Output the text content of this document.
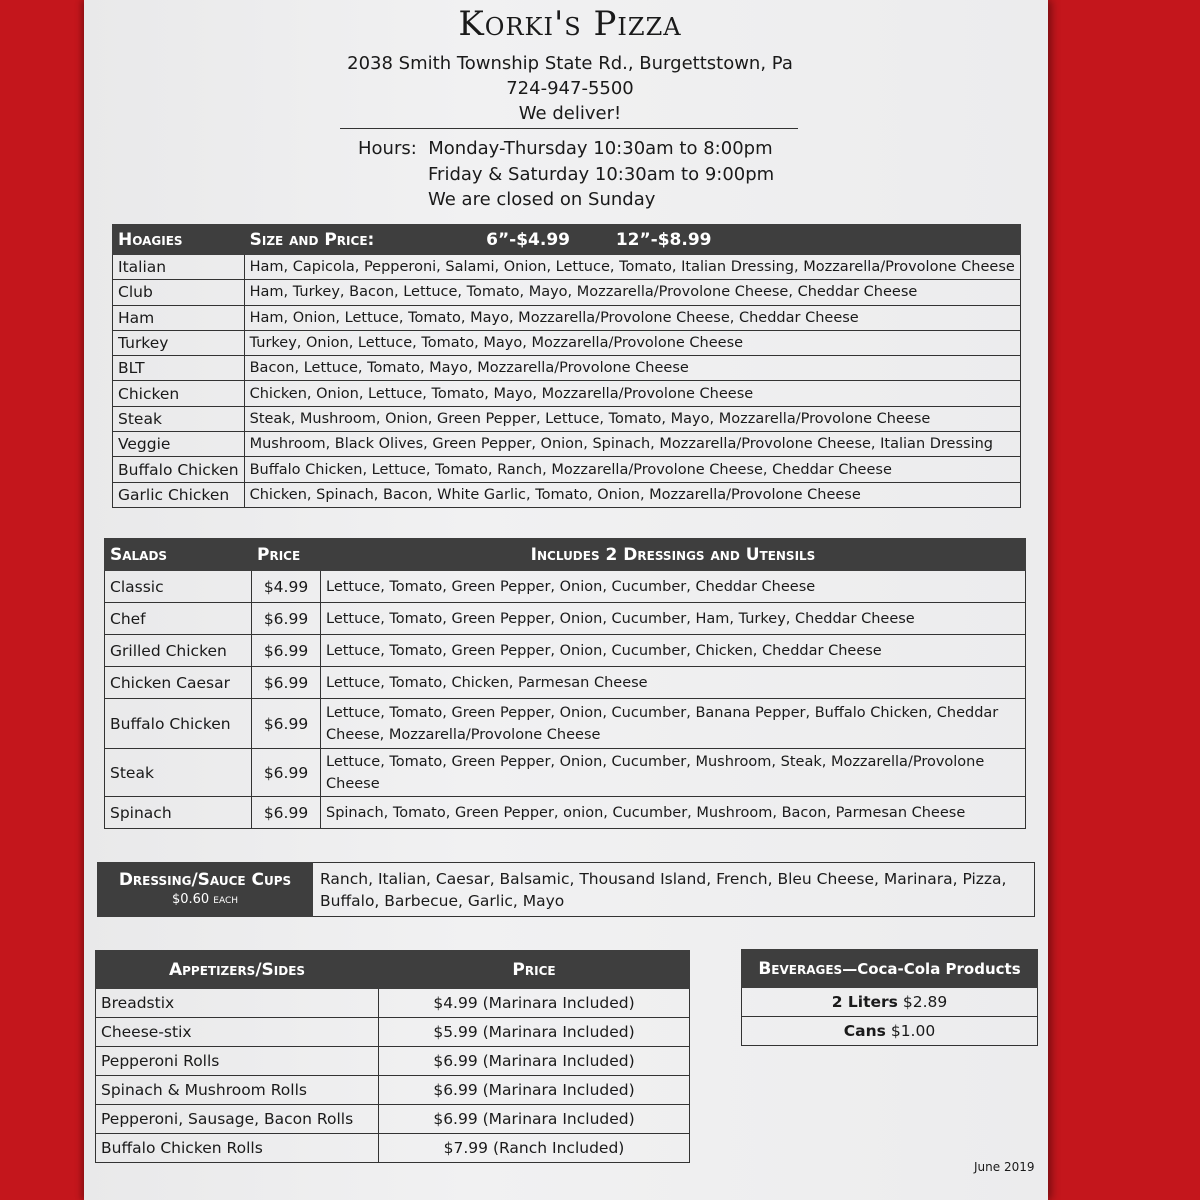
Korki's Pizza
2038 Smith Township State Rd., Burgettstown, Pa
724-947-5500
We deliver!
Hours: Monday-Thursday 10:30am to 8:00pm
Friday & Saturday 10:30am to 9:00pm
We are closed on Sunday
Hoagies	Size and Price: 6”-$4.99 12”-$8.99
Italian	Ham, Capicola, Pepperoni, Salami, Onion, Lettuce, Tomato, Italian Dressing, Mozzarella/Provolone Cheese
Club	Ham, Turkey, Bacon, Lettuce, Tomato, Mayo, Mozzarella/Provolone Cheese, Cheddar Cheese
Ham	Ham, Onion, Lettuce, Tomato, Mayo, Mozzarella/Provolone Cheese, Cheddar Cheese
Turkey	Turkey, Onion, Lettuce, Tomato, Mayo, Mozzarella/Provolone Cheese
BLT	Bacon, Lettuce, Tomato, Mayo, Mozzarella/Provolone Cheese
Chicken	Chicken, Onion, Lettuce, Tomato, Mayo, Mozzarella/Provolone Cheese
Steak	Steak, Mushroom, Onion, Green Pepper, Lettuce, Tomato, Mayo, Mozzarella/Provolone Cheese
Veggie	Mushroom, Black Olives, Green Pepper, Onion, Spinach, Mozzarella/Provolone Cheese, Italian Dressing
Buffalo Chicken	Buffalo Chicken, Lettuce, Tomato, Ranch, Mozzarella/Provolone Cheese, Cheddar Cheese
Garlic Chicken	Chicken, Spinach, Bacon, White Garlic, Tomato, Onion, Mozzarella/Provolone Cheese
Salads	Price	Includes 2 Dressings and Utensils
Classic	$4.99	Lettuce, Tomato, Green Pepper, Onion, Cucumber, Cheddar Cheese
Chef	$6.99	Lettuce, Tomato, Green Pepper, Onion, Cucumber, Ham, Turkey, Cheddar Cheese
Grilled Chicken	$6.99	Lettuce, Tomato, Green Pepper, Onion, Cucumber, Chicken, Cheddar Cheese
Chicken Caesar	$6.99	Lettuce, Tomato, Chicken, Parmesan Cheese
Buffalo Chicken	$6.99	Lettuce, Tomato, Green Pepper, Onion, Cucumber, Banana Pepper, Buffalo Chicken, Cheddar Cheese, Mozzarella/Provolone Cheese
Steak	$6.99	Lettuce, Tomato, Green Pepper, Onion, Cucumber, Mushroom, Steak, Mozzarella/Provolone Cheese
Spinach	$6.99	Spinach, Tomato, Green Pepper, onion, Cucumber, Mushroom, Bacon, Parmesan Cheese
Dressing/Sauce Cups
$0.60 each
	Ranch, Italian, Caesar, Balsamic, Thousand Island, French, Bleu Cheese, Marinara, Pizza, Buffalo, Barbecue, Garlic, Mayo
Appetizers/Sides	Price
Breadstix	$4.99 (Marinara Included)
Cheese-stix	$5.99 (Marinara Included)
Pepperoni Rolls	$6.99 (Marinara Included)
Spinach & Mushroom Rolls	$6.99 (Marinara Included)
Pepperoni, Sausage, Bacon Rolls	$6.99 (Marinara Included)
Buffalo Chicken Rolls	$7.99 (Ranch Included)
Beverages—Coca-Cola Products
2 Liters $2.89
Cans $1.00
June 2019
